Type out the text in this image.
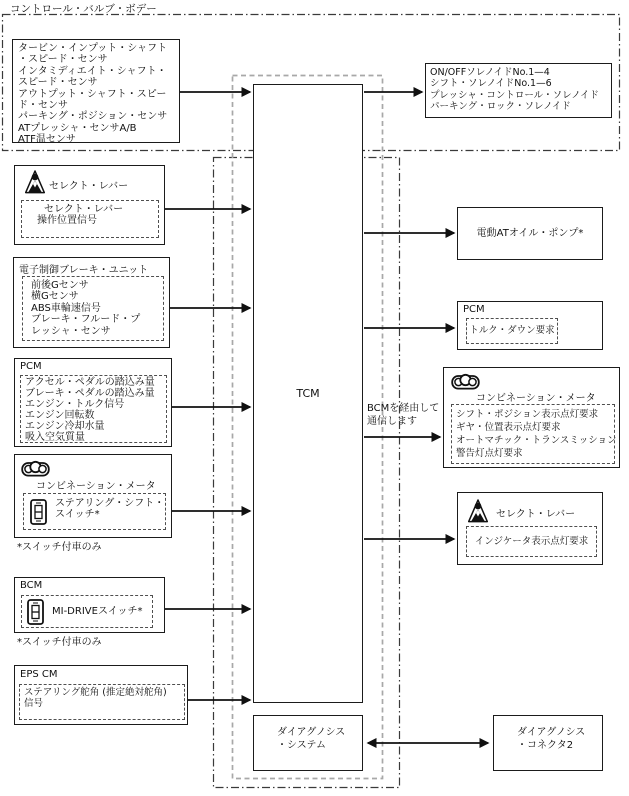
コントロール・バルブ・ボデー
タービン・インプット・シャフト
・スピード・センサ
インタミディエイト・シャフト・
スピード・センサ
アウトプット・シャフト・スピー
ド・センサ
パーキング・ポジション・センサ
ATプレッシャ・センサA/B
ATF温センサ
セレクト・レバー
セレクト・レバー
操作位置信号
電子制御ブレーキ・ユニット
前後Gセンサ
横Gセンサ
ABS車輪速信号
ブレーキ・フルード・プ
レッシャ・センサ
PCM
アクセル・ペダルの踏込み量
ブレーキ・ペダルの踏込み量
エンジン・トルク信号
エンジン回転数
エンジン冷却水量
吸入空気質量
コンビネーション・メータ
ステアリング・シフト・
スイッチ*
*スイッチ付車のみ
BCM
MI-DRIVEスイッチ*
*スイッチ付車のみ
EPS CM
ステアリング舵角 (推定絶対舵角)
信号
TCM
BCMを経由して
通信します
ダイアグノシス
・システム
ON/OFFソレノイドNo.1—4
シフト・ソレノイドNo.1—6
プレッシャ・コントロール・ソレノイド
パーキング・ロック・ソレノイド
電動ATオイル・ポンプ*
PCM
トルク・ダウン要求
コンビネーション・メータ
シフト・ポジション表示点灯要求
ギヤ・位置表示点灯要求
オートマチック・トランスミッション
警告灯点灯要求
セレクト・レバー
インジケータ表示点灯要求
ダイアグノシス
・コネクタ2
